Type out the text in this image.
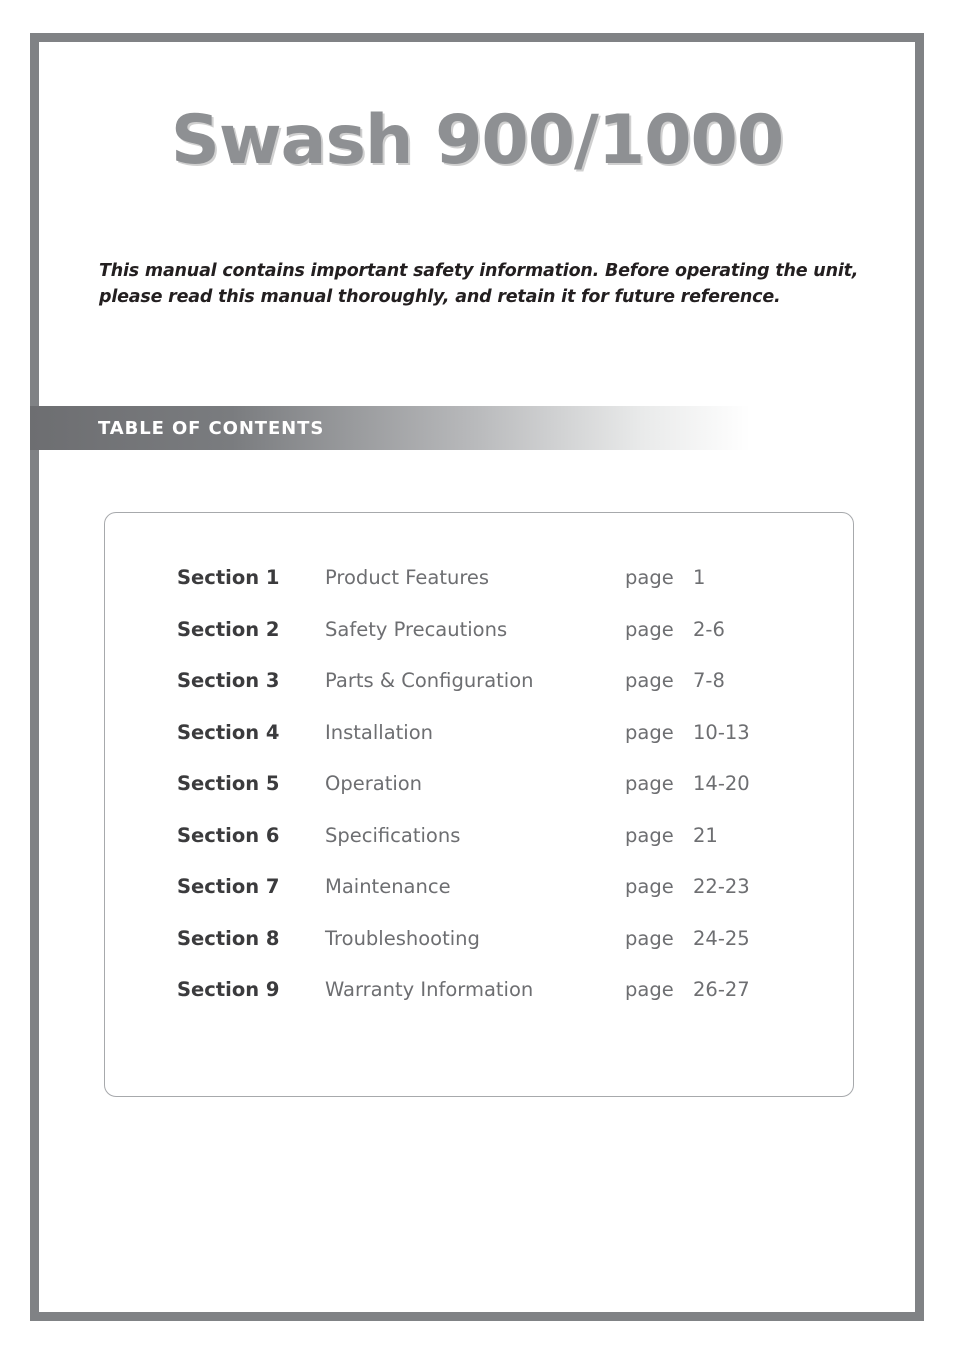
Swash 900/1000

This manual contains important safety information. Before operating the unit, please read this manual thoroughly, and retain it for future reference.

TABLE OF CONTENTS
Section 1	Product Features	page 1
Section 2	Safety Precautions	page 2-6
Section 3	Parts & Configuration	page 7-8
Section 4	Installation	page 10-13
Section 5	Operation	page 14-20
Section 6	Specifications	page 21
Section 7	Maintenance	page 22-23
Section 8	Troubleshooting	page 24-25
Section 9	Warranty Information	page 26-27
